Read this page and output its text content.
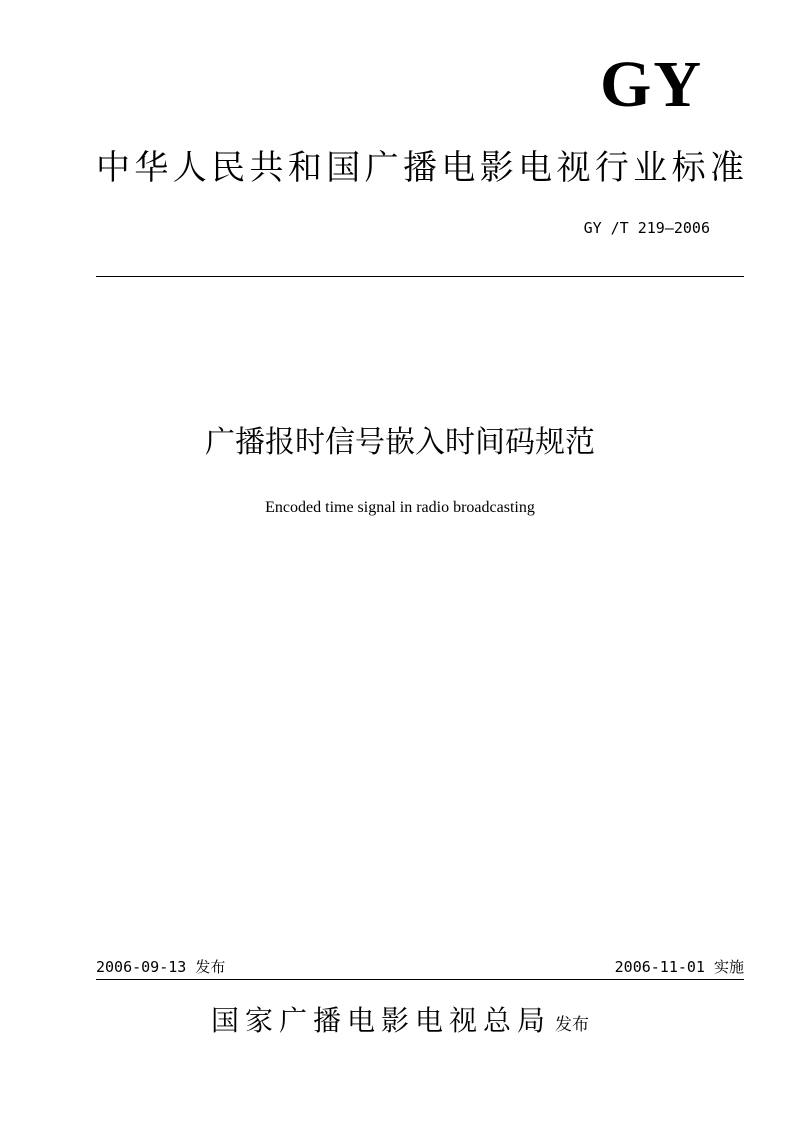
GY
中华人民共和国广播电影电视行业标准
GY /T 219—2006
广播报时信号嵌入时间码规范
Encoded time signal in radio broadcasting
2006-09-13 发布	2006-11-01 实施
国家广播电影电视总局 发布
